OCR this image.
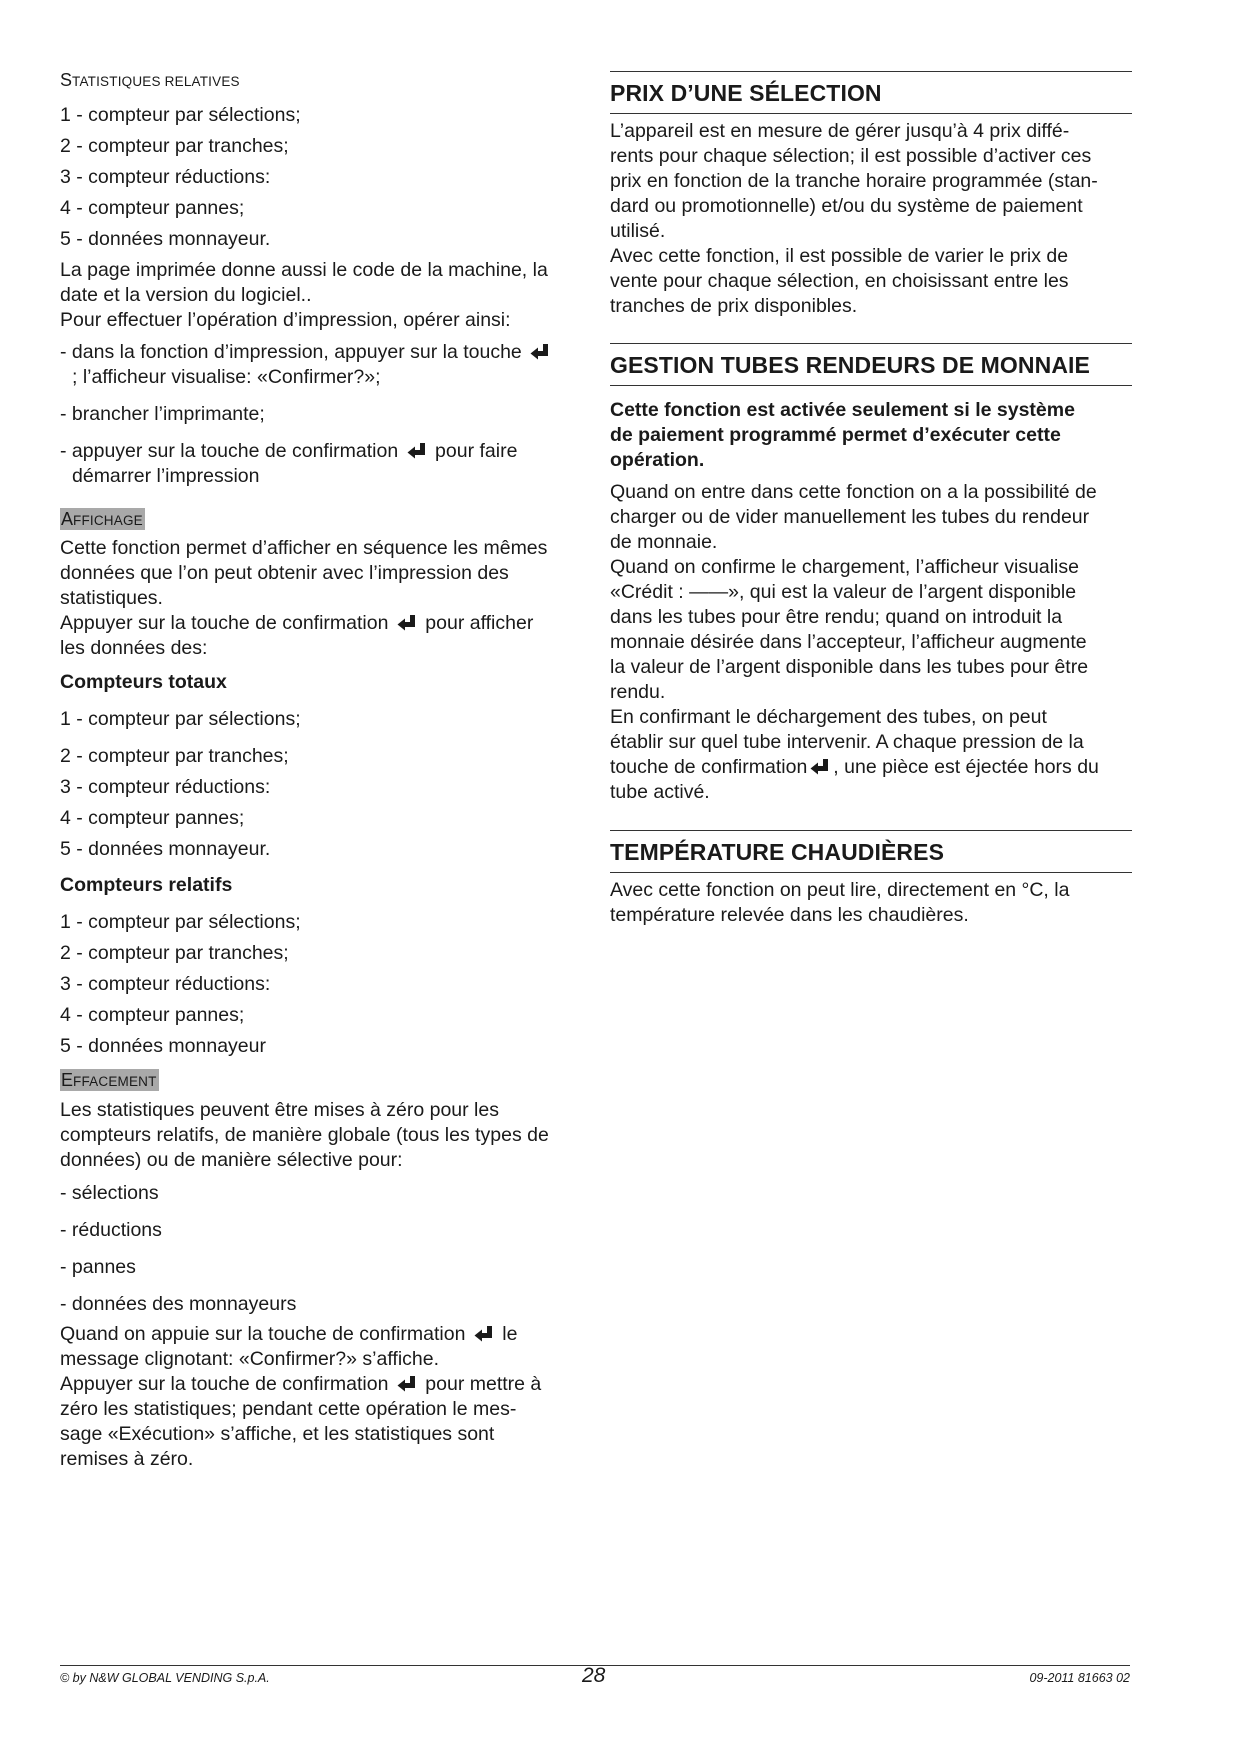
STATISTIQUES RELATIVES
1 - compteur par sélections;
2 - compteur par tranches;
3 - compteur réductions:
4 - compteur pannes;
5 - données monnayeur.
La page imprimée donne aussi le code de la machine, la
date et la version du logiciel..
Pour effectuer l’opération d’impression, opérer ainsi:
- dans la fonction d’impression, appuyer sur la touche
; l’afficheur visualise: «Confirmer?»;
- brancher l’imprimante;
- appuyer sur la touche de confirmation pour faire
démarrer l’impression
AFFICHAGE
Cette fonction permet d’afficher en séquence les mêmes
données que l’on peut obtenir avec l’impression des
statistiques.
Appuyer sur la touche de confirmation pour afficher
les données des:
Compteurs totaux
1 - compteur par sélections;
2 - compteur par tranches;
3 - compteur réductions:
4 - compteur pannes;
5 - données monnayeur.
Compteurs relatifs
1 - compteur par sélections;
2 - compteur par tranches;
3 - compteur réductions:
4 - compteur pannes;
5 - données monnayeur
EFFACEMENT
Les statistiques peuvent être mises à zéro pour les
compteurs relatifs, de manière globale (tous les types de
données) ou de manière sélective pour:
- sélections
- réductions
- pannes
- données des monnayeurs
Quand on appuie sur la touche de confirmation le
message clignotant: «Confirmer?» s’affiche.
Appuyer sur la touche de confirmation pour mettre à
zéro les statistiques; pendant cette opération le mes-
sage «Exécution» s’affiche, et les statistiques sont
remises à zéro.
PRIX D’UNE SÉLECTION
L’appareil est en mesure de gérer jusqu’à 4 prix diffé-
rents pour chaque sélection; il est possible d’activer ces
prix en fonction de la tranche horaire programmée (stan-
dard ou promotionnelle) et/ou du système de paiement
utilisé.
Avec cette fonction, il est possible de varier le prix de
vente pour chaque sélection, en choisissant entre les
tranches de prix disponibles.
GESTION TUBES RENDEURS DE MONNAIE
Cette fonction est activée seulement si le système
de paiement programmé permet d’exécuter cette
opération.
Quand on entre dans cette fonction on a la possibilité de
charger ou de vider manuellement les tubes du rendeur
de monnaie.
Quand on confirme le chargement, l’afficheur visualise
«Crédit : ——», qui est la valeur de l’argent disponible
dans les tubes pour être rendu; quand on introduit la
monnaie désirée dans l’accepteur, l’afficheur augmente
la valeur de l’argent disponible dans les tubes pour être
rendu.
En confirmant le déchargement des tubes, on peut
établir sur quel tube intervenir. A chaque pression de la
touche de confirmation , une pièce est éjectée hors du
tube activé.
TEMPÉRATURE CHAUDIÈRES
Avec cette fonction on peut lire, directement en °C, la
température relevée dans les chaudières.
© by N&W GLOBAL VENDING S.p.A.	28	09-2011 81663 02
